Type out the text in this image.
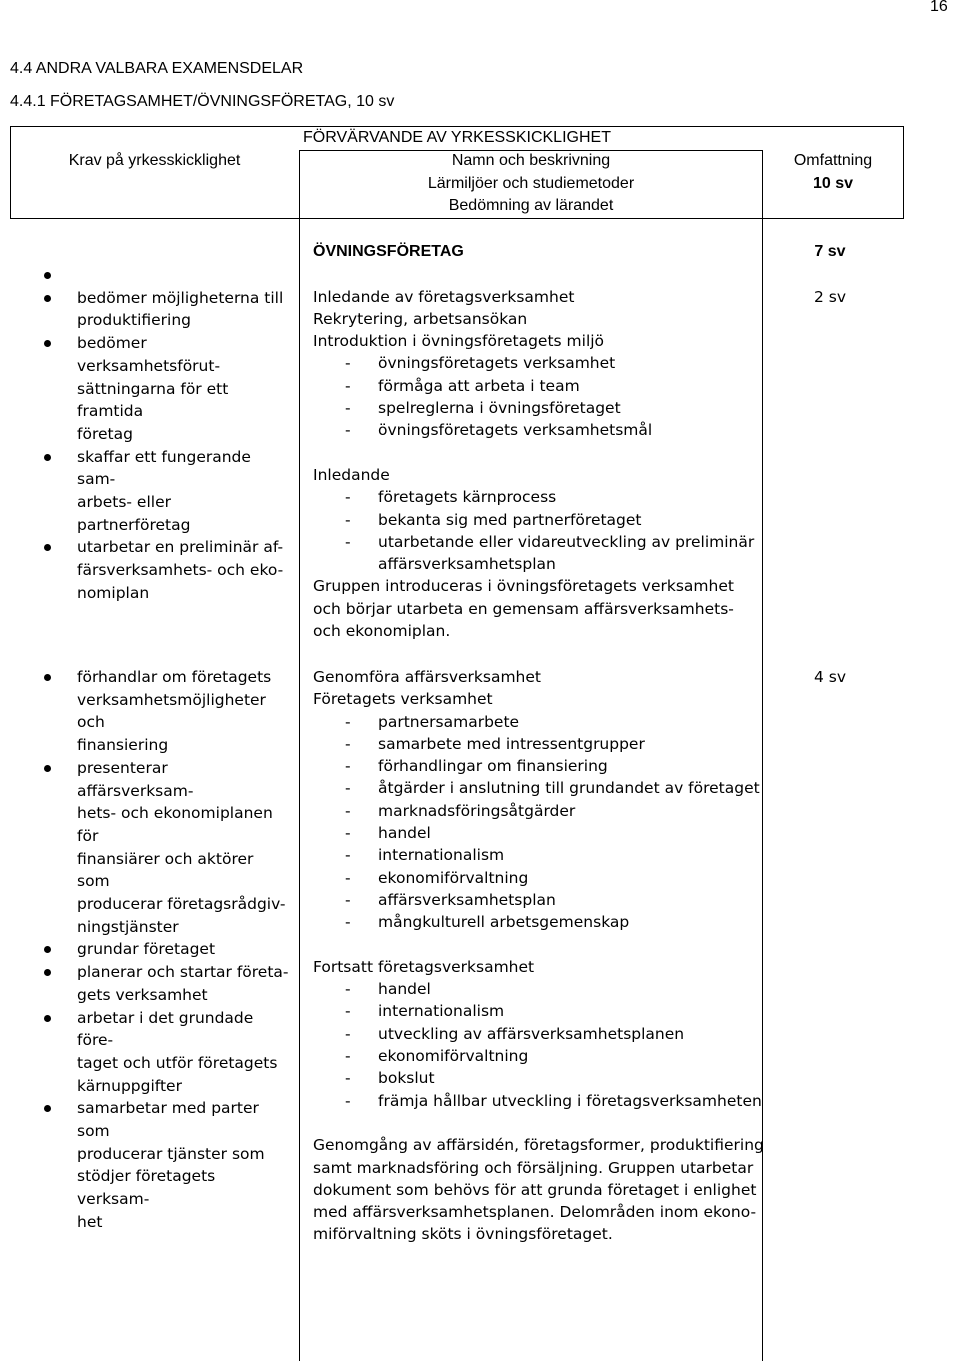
16
4.4 ANDRA VALBARA EXAMENSDELAR
4.4.1 FÖRETAGSAMHET/ÖVNINGSFÖRETAG, 10 sv
Krav på yrkesskicklighet
FÖRVÄRVANDE AV YRKESSKICKLIGHET
Namn och beskrivning
Lärmiljöer och studiemetoder
Bedömning av lärandet
Omfattning
10 sv
bedömer möjligheterna till
produktifiering
bedömer verksamhetsförut-
sättningarna för ett framtida
företag
skaffar ett fungerande sam-
arbets- eller partnerföretag
utarbetar en preliminär af-
färsverksamhets- och eko-
nomiplan
ÖVNINGSFÖRETAG
Inledande av företagsverksamhet
Rekrytering, arbetsansökan
Introduktion i övningsföretagets miljö
- övningsföretagets verksamhet
- förmåga att arbeta i team
- spelreglerna i övningsföretaget
- övningsföretagets verksamhetsmål
Inledande
- företagets kärnprocess
- bekanta sig med partnerföretaget
- utarbetande eller vidareutveckling av preliminär
affärsverksamhetsplan
Gruppen introduceras i övningsföretagets verksamhet och börjar utarbeta en gemensam affärsverksamhets- och ekonomiplan.
7 sv
2 sv
förhandlar om företagets
verksamhetsmöjligheter och
finansiering
presenterar affärsverksam-
hets- och ekonomiplanen för
finansiärer och aktörer som
producerar företagsrådgiv-
ningstjänster
grundar företaget
planerar och startar företa-
gets verksamhet
arbetar i det grundade före-
taget och utför företagets
kärnuppgifter
samarbetar med parter som
producerar tjänster som
stödjer företagets verksam-
het
Genomföra affärsverksamhet
Företagets verksamhet
- partnersamarbete
- samarbete med intressentgrupper
- förhandlingar om finansiering
- åtgärder i anslutning till grundandet av företaget
- marknadsföringsåtgärder
- handel
- internationalism
- ekonomiförvaltning
- affärsverksamhetsplan
- mångkulturell arbetsgemenskap
Fortsatt företagsverksamhet
- handel
- internationalism
- utveckling av affärsverksamhetsplanen
- ekonomiförvaltning
- bokslut
- främja hållbar utveckling i företagsverksamheten
Genomgång av affärsidén, företagsformer, produktifiering
samt marknadsföring och försäljning. Gruppen utarbetar
dokument som behövs för att grunda företaget i enlighet
med affärsverksamhetsplanen. Delområden inom ekono-
miförvaltning sköts i övningsföretaget.
4 sv
